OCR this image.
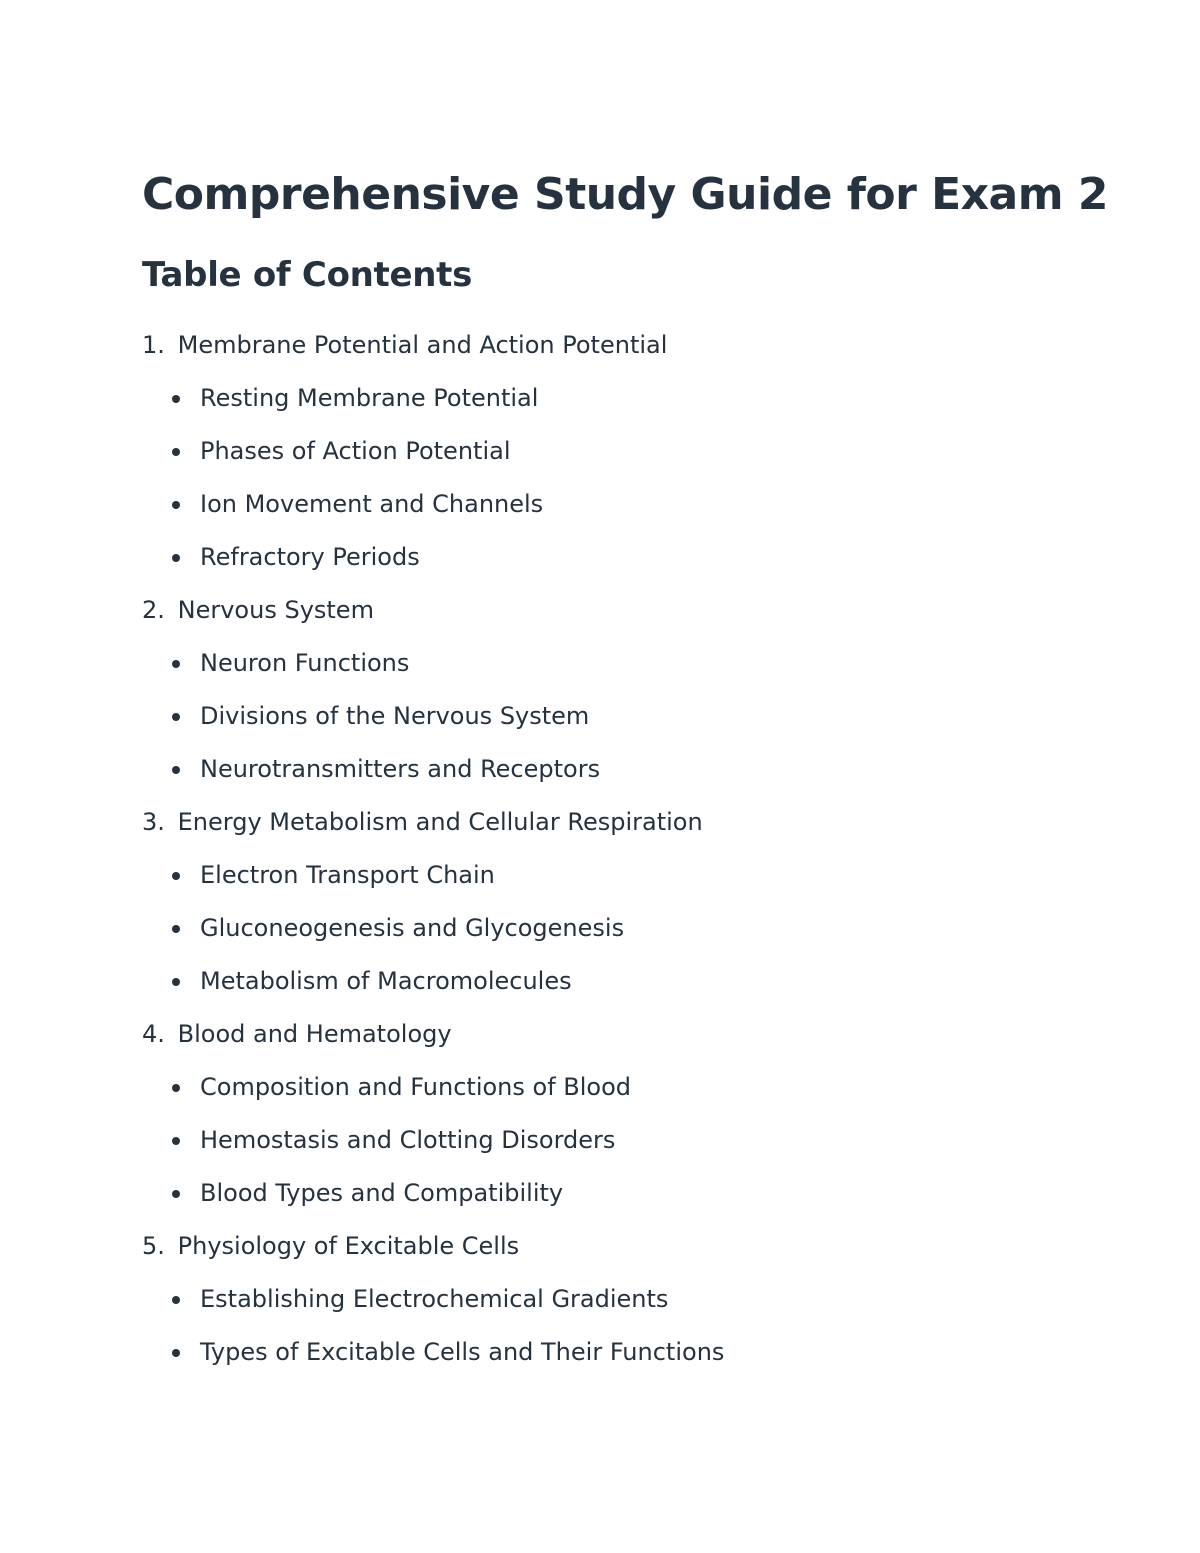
Comprehensive Study Guide for Exam 2
Table of Contents
1. Membrane Potential and Action Potential
Resting Membrane Potential
Phases of Action Potential
Ion Movement and Channels
Refractory Periods
2. Nervous System
Neuron Functions
Divisions of the Nervous System
Neurotransmitters and Receptors
3. Energy Metabolism and Cellular Respiration
Electron Transport Chain
Gluconeogenesis and Glycogenesis
Metabolism of Macromolecules
4. Blood and Hematology
Composition and Functions of Blood
Hemostasis and Clotting Disorders
Blood Types and Compatibility
5. Physiology of Excitable Cells
Establishing Electrochemical Gradients
Types of Excitable Cells and Their Functions
